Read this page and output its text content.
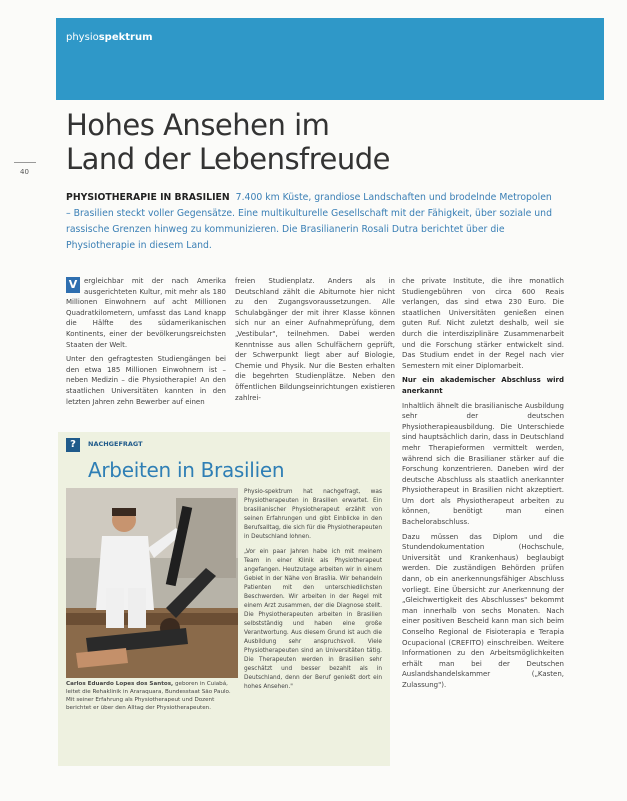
physiospektrum
40
Hohes Ansehen im Land der Lebensfreude
PHYSIOTHERAPIE IN BRASILIEN 7.400 km Küste, grandiose Landschaften und brodelnde Metropolen – Brasilien steckt voller Gegensätze. Eine multikulturelle Gesellschaft mit der Fähigkeit, über soziale und rassische Grenzen hinweg zu kommunizieren. Die Brasilianerin Rosali Dutra berichtet über die Physiotherapie in diesem Land.

V ergleichbar mit der nach Amerika ausgerichteten Kultur, mit mehr als 180 Millionen Einwohnern auf acht Millionen Quadratkilometern, umfasst das Land knapp die Hälfte des südamerikanischen Kontinents, einer der bevölkerungsreichsten Staaten der Welt.

Unter den gefragtesten Studiengängen bei den etwa 185 Millionen Einwohnern ist – neben Medizin – die Physiotherapie! An den staatlichen Universitäten kannten in den letzten Jahren zehn Bewerber auf einen

freien Studienplatz. Anders als in Deutschland zählt die Abiturnote hier nicht zu den Zugangsvoraussetzungen. Alle Schulabgänger der mit ihrer Klasse können sich nur an einer Aufnahmeprüfung, dem „Vestibular", teilnehmen. Dabei werden Kenntnisse aus allen Schulfächern geprüft, der Schwerpunkt liegt aber auf Biologie, Chemie und Physik. Nur die Besten erhalten die begehrten Studienplätze. Neben den öffentlichen Bildungseinrichtungen existieren zahlrei-

che private Institute, die ihre monatlich Studiengebühren von circa 600 Reais verlangen, das sind etwa 230 Euro. Die staatlichen Universitäten genießen einen guten Ruf. Nicht zuletzt deshalb, weil sie durch die interdisziplinäre Zusammenarbeit und die Forschung stärker entwickelt sind. Das Studium endet in der Regel nach vier Semestern mit einer Diplomarbeit.

Nur ein akademischer Abschluss wird anerkannt

Inhaltlich ähnelt die brasilianische Ausbildung sehr der deutschen Physiotherapieausbildung. Die Unterschiede sind hauptsächlich darin, dass in Deutschland mehr Therapieformen vermittelt werden, während sich die Brasilianer stärker auf die Forschung konzentrieren. Daneben wird der deutsche Abschluss als staatlich anerkannter Physiotherapeut in Brasilien nicht akzeptiert. Um dort als Physiotherapeut arbeiten zu können, benötigt man einen Bachelorabschluss.

Dazu müssen das Diplom und die Stundendokumentation (Hochschule, Universität und Krankenhaus) beglaubigt werden. Die zuständigen Behörden prüfen dann, ob ein anerkennungsfähiger Abschluss vorliegt. Eine Übersicht zur Anerkennung der „Gleichwertigkeit des Abschlusses" bekommt man innerhalb von sechs Monaten. Nach einer positiven Bescheid kann man sich beim Conselho Regional de Fisioterapia e Terapia Ocupacional (CREFITO) einschreiben. Weitere Informationen zu den Arbeitsmöglichkeiten erhält man bei der Deutschen Auslandshandelskammer („Kasten, Zulassung").

?	NACHGEFRAGT
Arbeiten in Brasilien
Carlos Eduardo Lopes dos Santos, geboren in Cuiabá, leitet die Rehaklinik in Araraquara, Bundesstaat São Paulo. Mit seiner Erfahrung als Physiotherapeut und Dozent berichtet er über den Alltag der Physiotherapeuten.

Physio-spektrum hat nachgefragt, was Physiotherapeuten in Brasilien erwartet. Ein brasilianischer Physiotherapeut erzählt von seinen Erfahrungen und gibt Einblicke in den Berufsalltag, die sich für die Physiotherapeuten in Deutschland lohnen.

„Vor ein paar Jahren habe ich mit meinem Team in einer Klinik als Physiotherapeut angefangen. Heutzutage arbeiten wir in einem Gebiet in der Nähe von Brasília. Wir behandeln Patienten mit den unterschiedlichsten Beschwerden. Wir arbeiten in der Regel mit einem Arzt zusammen, der die Diagnose stellt. Die Physiotherapeuten arbeiten in Brasilien selbstständig und haben eine große Verantwortung. Aus diesem Grund ist auch die Ausbildung sehr anspruchsvoll. Viele Physiotherapeuten sind an Universitäten tätig. Die Therapeuten werden in Brasilien sehr geschätzt und besser bezahlt als in Deutschland, denn der Beruf genießt dort ein hohes Ansehen."
